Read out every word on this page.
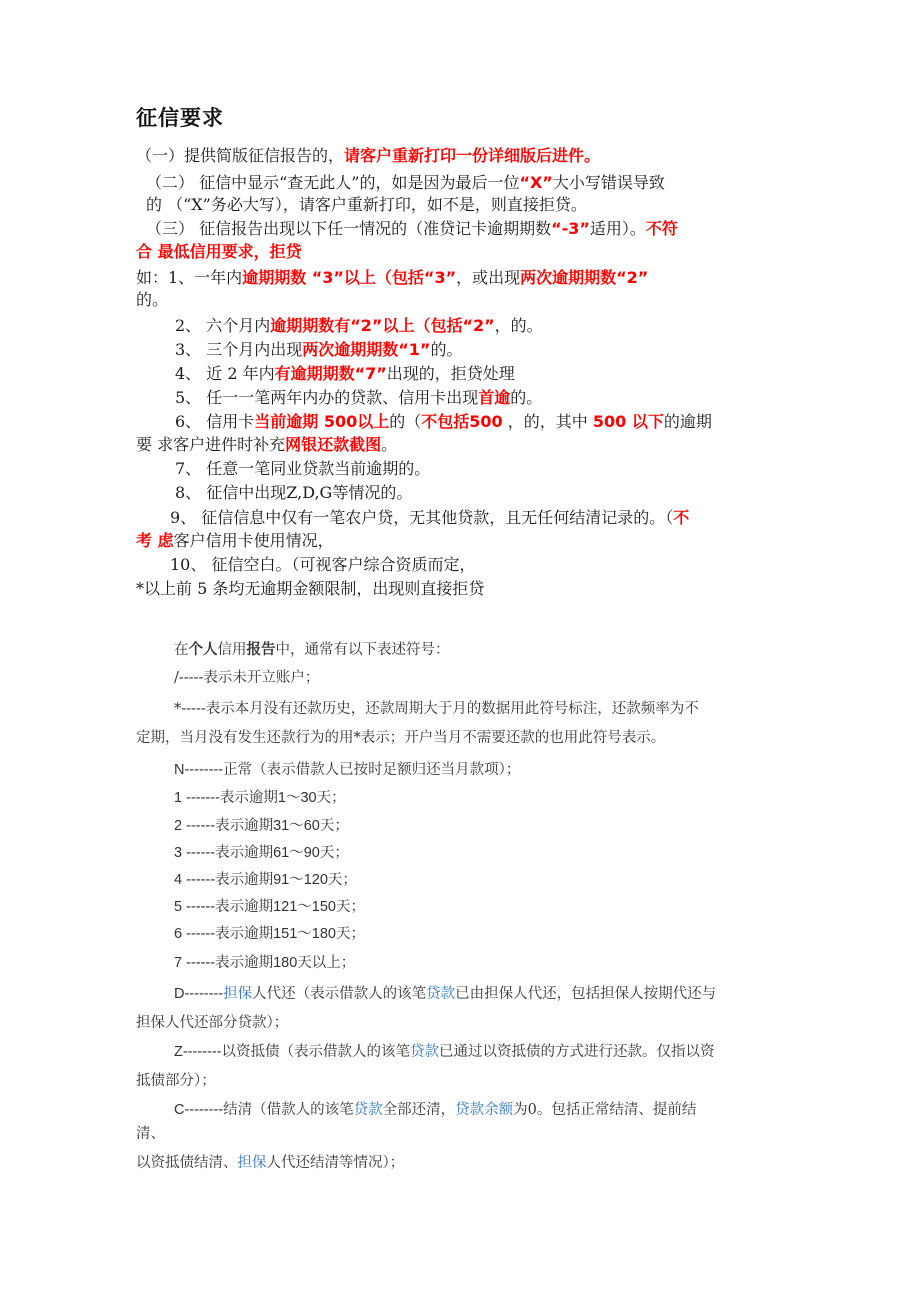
征信要求
（一）提供简版征信报告的，请客户重新打印一份详细版后进件。
（二） 征信中显示“查无此人”的，如是因为最后一位“X”大小写错误导致
的 （“X”务必大写），请客户重新打印，如不是，则直接拒贷。
（三） 征信报告出现以下任一情况的（准贷记卡逾期期数“-3”适用）。不符
合 最低信用要求，拒贷
如：1、一年内逾期期数 “3”以上（包括“3”，或出现两次逾期期数“2”
的。
2、 六个月内逾期期数有“2”以上（包括“2”，的。
3、 三个月内出现两次逾期期数“1”的。
4、 近 2 年内有逾期期数“7”出现的，拒贷处理
5、 任一一笔两年内办的贷款、信用卡出现首逾的。
6、 信用卡当前逾期 500以上的（不包括500 ，的，其中 500 以下的逾期
要 求客户进件时补充网银还款截图。
7、 任意一笔同业贷款当前逾期的。
8、 征信中出现Z,D,G等情况的。
9、 征信信息中仅有一笔农户贷，无其他贷款，且无任何结清记录的。（不
考 虑客户信用卡使用情况，
10、 征信空白。（可视客户综合资质而定，
*以上前 5 条均无逾期金额限制，出现则直接拒贷
在个人信用报告中，通常有以下表述符号：
/-----表示未开立账户；
*-----表示本月没有还款历史，还款周期大于月的数据用此符号标注，还款频率为不
定期，当月没有发生还款行为的用*表示；开户当月不需要还款的也用此符号表示。
N--------正常（表示借款人已按时足额归还当月款项）；
1 -------表示逾期1～30天；
2 ------表示逾期31～60天；
3 ------表示逾期61～90天；
4 ------表示逾期91～120天；
5 ------表示逾期121～150天；
6 ------表示逾期151～180天；
7 ------表示逾期180天以上；
D--------担保人代还（表示借款人的该笔贷款已由担保人代还，包括担保人按期代还与
担保人代还部分贷款）；
Z--------以资抵债（表示借款人的该笔贷款已通过以资抵债的方式进行还款。仅指以资
抵债部分）；
C--------结清（借款人的该笔贷款全部还清，贷款余额为0。包括正常结清、提前结
清、
以资抵债结清、担保人代还结清等情况）；
